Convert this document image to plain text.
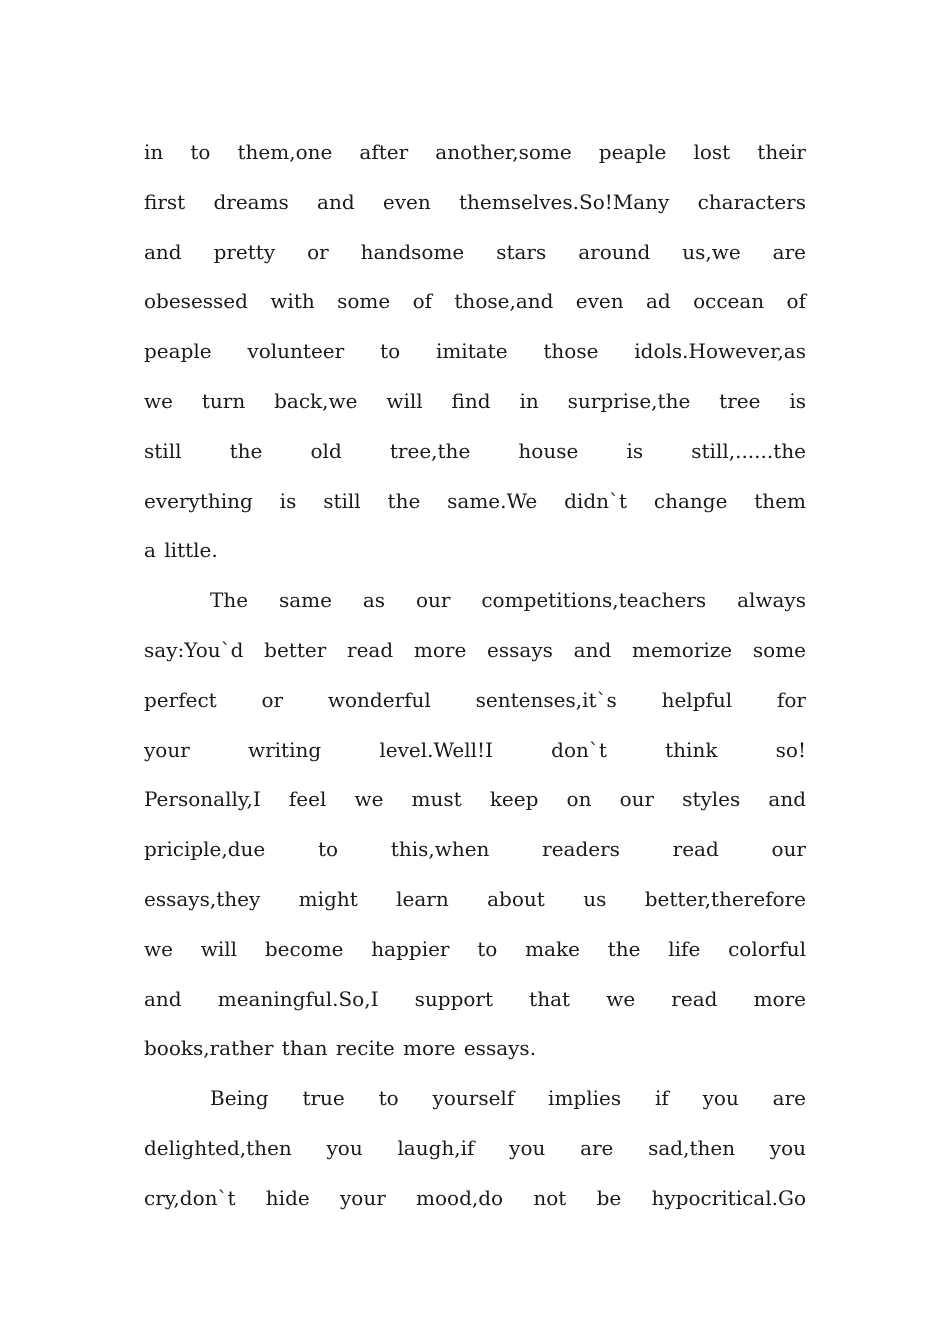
in to them,one after another,some peaple lost their
first dreams and even themselves.So!Many characters
and pretty or handsome stars around us,we are
obesessed with some of those,and even ad occean of
peaple volunteer to imitate those idols.However,as
we turn back,we will find in surprise,the tree is
still the old tree,the house is still,......the
everything is still the same.We didn`t change them
a little.
The same as our competitions,teachers always
say:You`d better read more essays and memorize some
perfect or wonderful sentenses,it`s helpful for
your writing level.Well!I don`t think so!
Personally,I feel we must keep on our styles and
priciple,due to this,when readers read our
essays,they might learn about us better,therefore
we will become happier to make the life colorful
and meaningful.So,I support that we read more
books,rather than recite more essays.
Being true to yourself implies if you are
delighted,then you laugh,if you are sad,then you
cry,don`t hide your mood,do not be hypocritical.Go
